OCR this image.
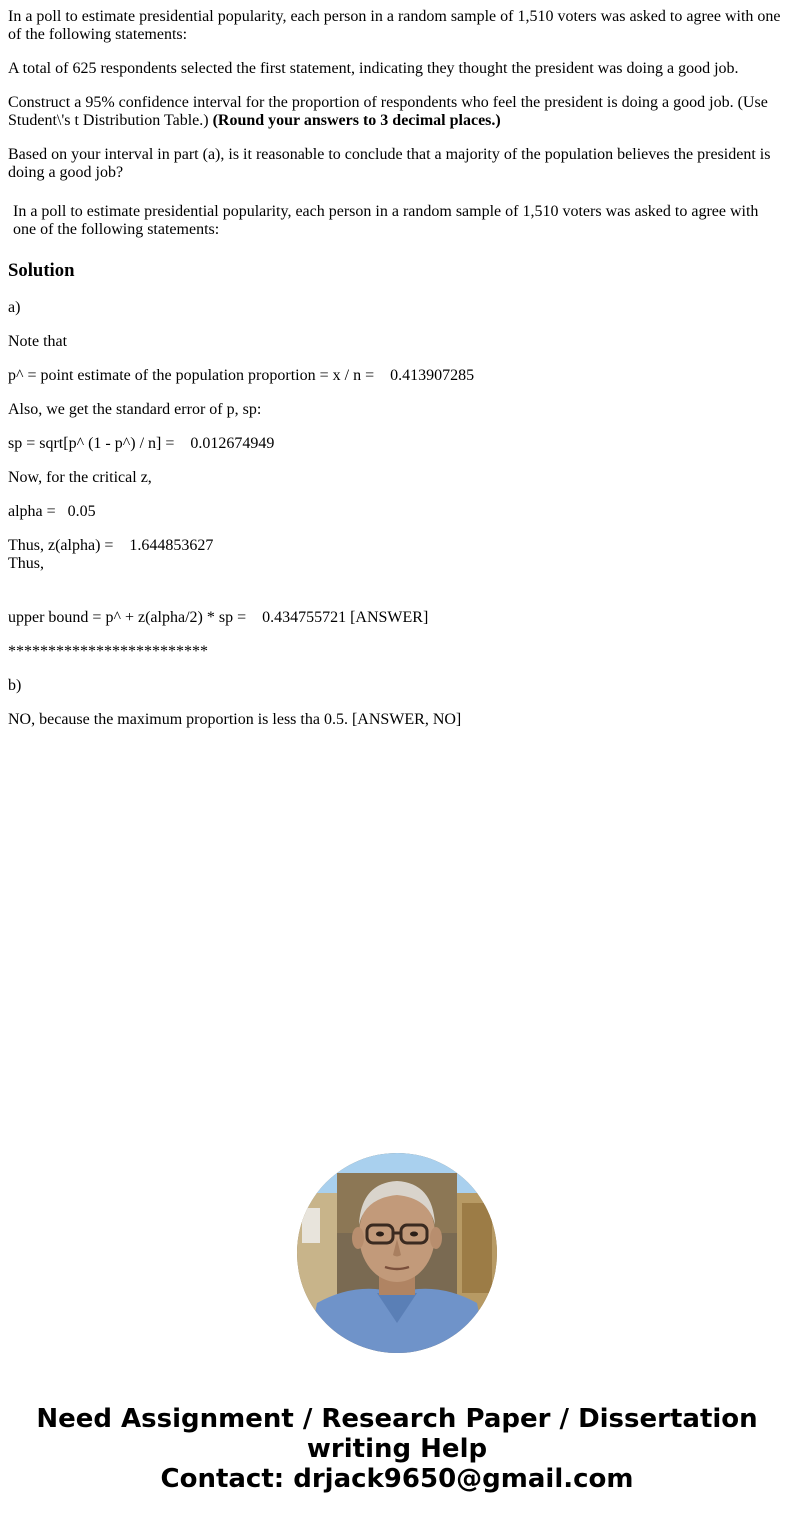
In a poll to estimate presidential popularity, each person in a random sample of 1,510 voters was asked to agree with one of the following statements:

A total of 625 respondents selected the first statement, indicating they thought the president was doing a good job.

Construct a 95% confidence interval for the proportion of respondents who feel the president is doing a good job. (Use Student\'s t Distribution Table.) (Round your answers to 3 decimal places.)

Based on your interval in part (a), is it reasonable to conclude that a majority of the population believes the president is doing a good job?

In a poll to estimate presidential popularity, each person in a random sample of 1,510 voters was asked to agree with one of the following statements:

Solution

a)

Note that

p^ = point estimate of the population proportion = x / n =    0.413907285

Also, we get the standard error of p, sp:

sp = sqrt[p^ (1 - p^) / n] =    0.012674949

Now, for the critical z,

alpha =   0.05

Thus, z(alpha) =    1.644853627
Thus,

upper bound = p^ + z(alpha/2) * sp =    0.434755721 [ANSWER]

*************************

b)

NO, because the maximum proportion is less tha 0.5. [ANSWER, NO]

Need Assignment / Research Paper / Dissertation
writing Help
Contact: drjack9650@gmail.com
